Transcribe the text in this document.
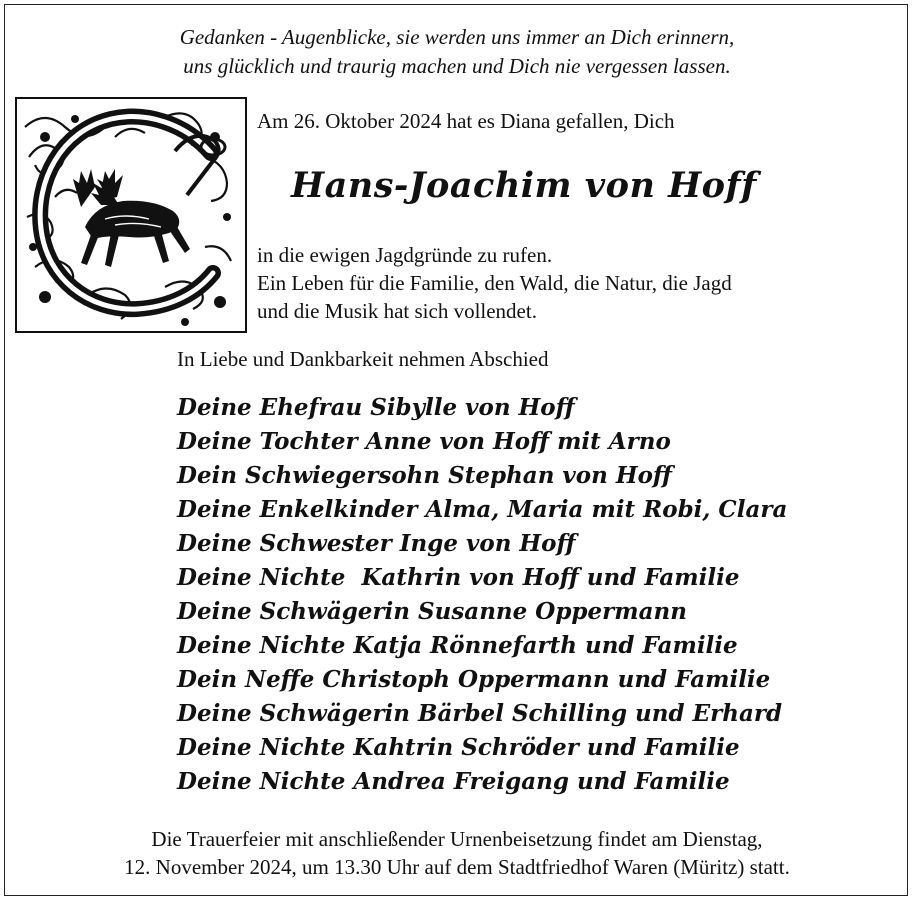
Gedanken - Augenblicke, sie werden uns immer an Dich erinnern,
uns glücklich und traurig machen und Dich nie vergessen lassen.
Am 26. Oktober 2024 hat es Diana gefallen, Dich
Hans-Joachim von Hoff
in die ewigen Jagdgründe zu rufen.
Ein Leben für die Familie, den Wald, die Natur, die Jagd
und die Musik hat sich vollendet.
In Liebe und Dankbarkeit nehmen Abschied
Deine Ehefrau Sibylle von Hoff
Deine Tochter Anne von Hoff mit Arno
Dein Schwiegersohn Stephan von Hoff
Deine Enkelkinder Alma, Maria mit Robi, Clara
Deine Schwester Inge von Hoff
Deine Nichte  Kathrin von Hoff und Familie
Deine Schwägerin Susanne Oppermann
Deine Nichte Katja Rönnefarth und Familie
Dein Neffe Christoph Oppermann und Familie
Deine Schwägerin Bärbel Schilling und Erhard
Deine Nichte Kahtrin Schröder und Familie
Deine Nichte Andrea Freigang und Familie
Die Trauerfeier mit anschließender Urnenbeisetzung findet am Dienstag,
12. November 2024, um 13.30 Uhr auf dem Stadtfriedhof Waren (Müritz) statt.
